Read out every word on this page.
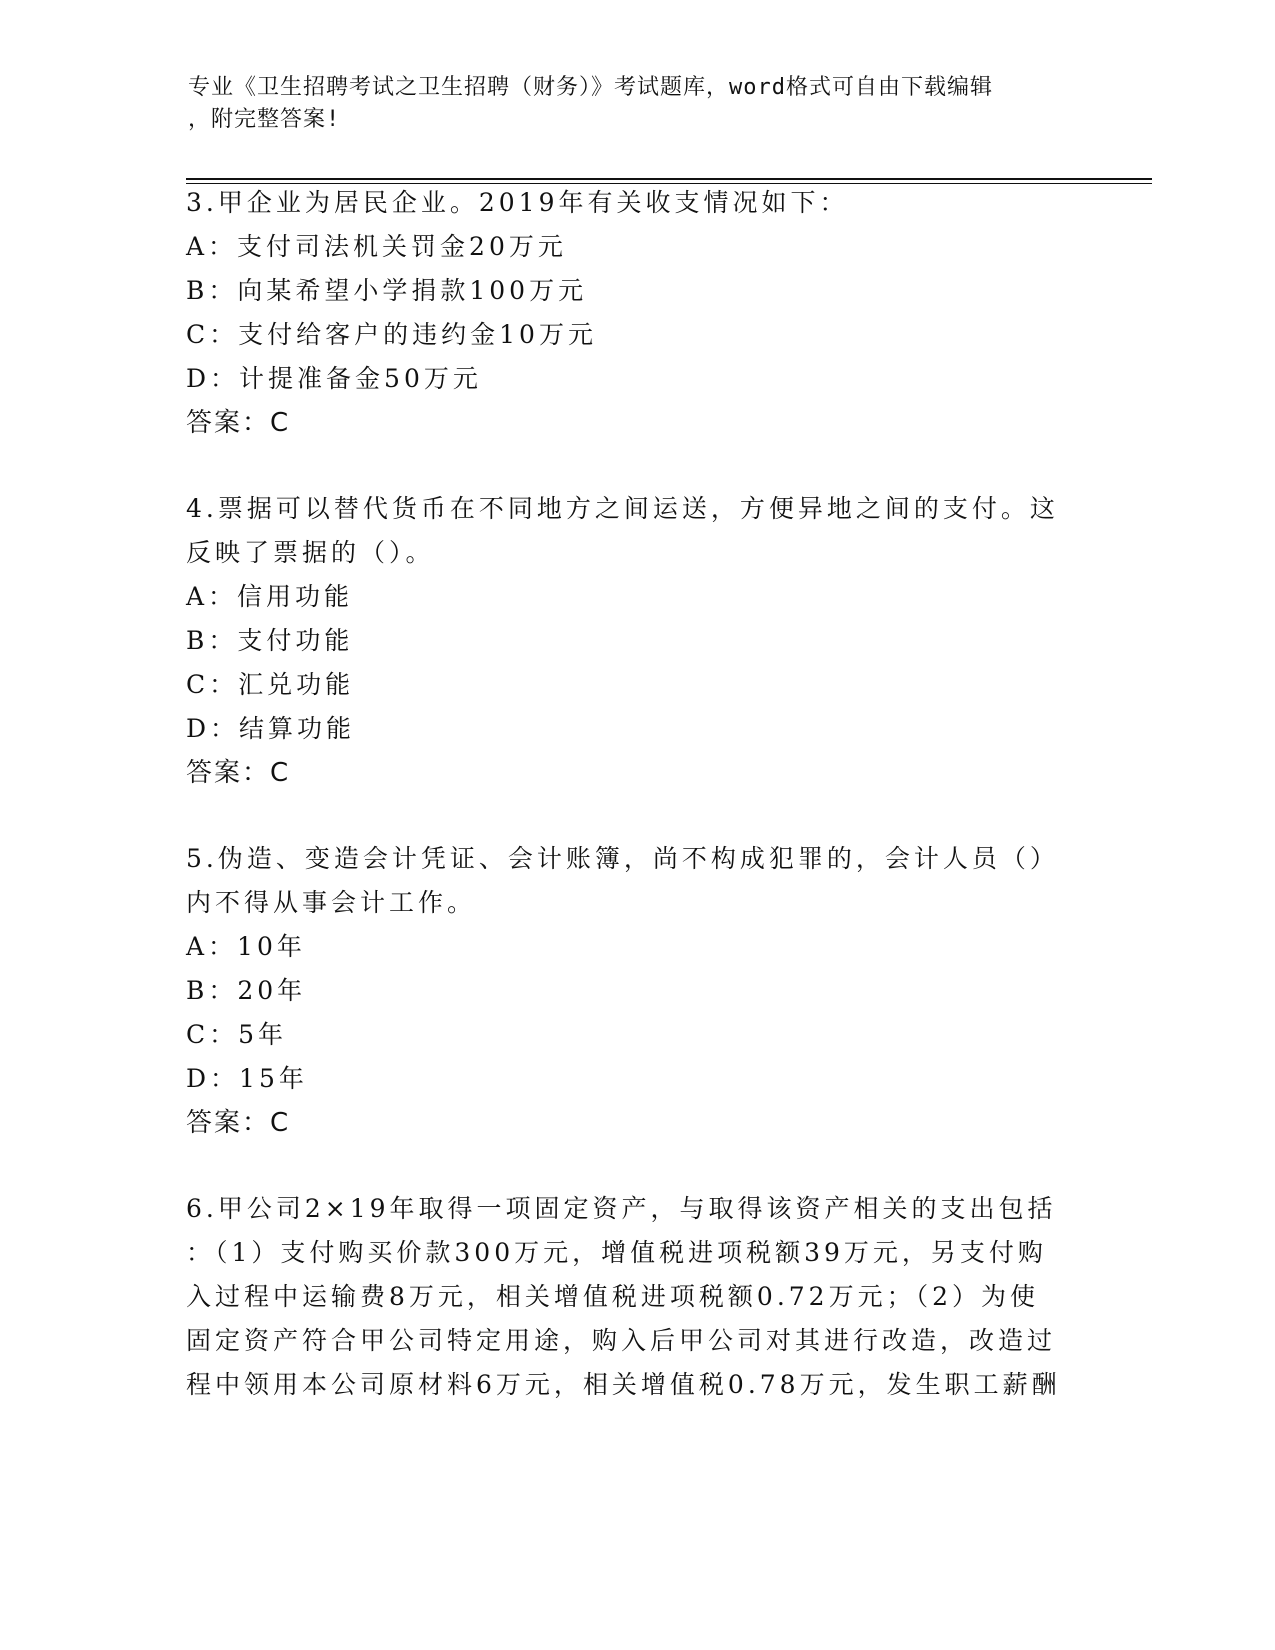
专业《卫生招聘考试之卫生招聘（财务）》考试题库，word格式可自由下载编辑
，附完整答案!
3.甲企业为居民企业。2019年有关收支情况如下：
A：支付司法机关罚金20万元
B：向某希望小学捐款100万元
C：支付给客户的违约金10万元
D：计提准备金50万元
答案：C
4.票据可以替代货币在不同地方之间运送，方便异地之间的支付。这
反映了票据的（）。
A：信用功能
B：支付功能
C：汇兑功能
D：结算功能
答案：C
5.伪造、变造会计凭证、会计账簿，尚不构成犯罪的，会计人员（）
内不得从事会计工作。
A：10年
B：20年
C：5年
D：15年
答案：C
6.甲公司2×19年取得一项固定资产，与取得该资产相关的支出包括
：（1）支付购买价款300万元，增值税进项税额39万元，另支付购
入过程中运输费8万元，相关增值税进项税额0.72万元；（2）为使
固定资产符合甲公司特定用途，购入后甲公司对其进行改造，改造过
程中领用本公司原材料6万元，相关增值税0.78万元，发生职工薪酬
